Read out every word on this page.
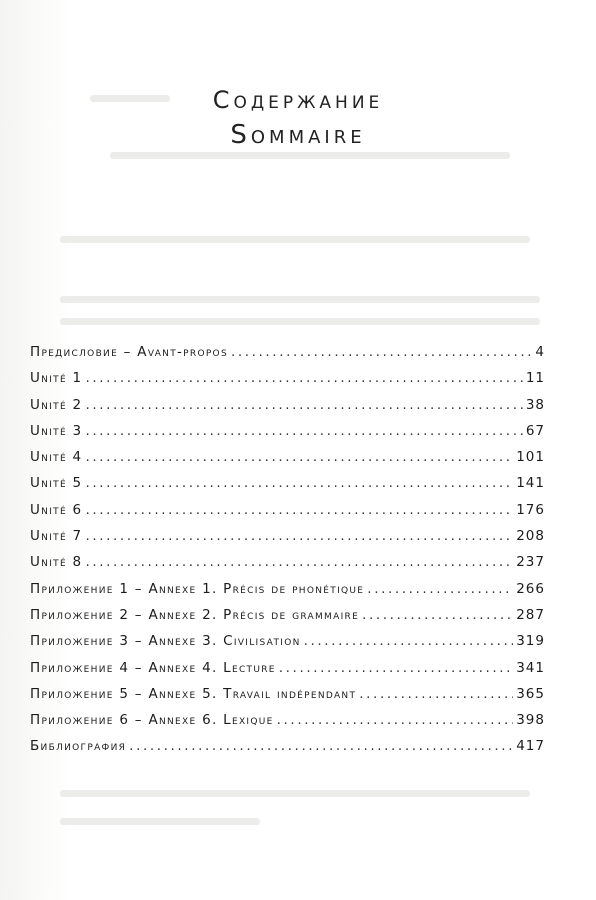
Содержание
Sommaire
Предисловие – Avant-propos .....	4
Unité 1 .....	11
Unité 2 .....	38
Unité 3 .....	67
Unité 4 .....	101
Unité 5 .....	141
Unité 6 .....	176
Unité 7 .....	208
Unité 8 .....	237
Приложение 1 – Annexe 1. Précis de phonétique .....	266
Приложение 2 – Annexe 2. Précis de grammaire .....	287
Приложение 3 – Annexe 3. Civilisation .....	319
Приложение 4 – Annexe 4. Lecture .....	341
Приложение 5 – Annexe 5. Travail indépendant .....	365
Приложение 6 – Annexe 6. Lexique .....	398
Библиография .....	417
